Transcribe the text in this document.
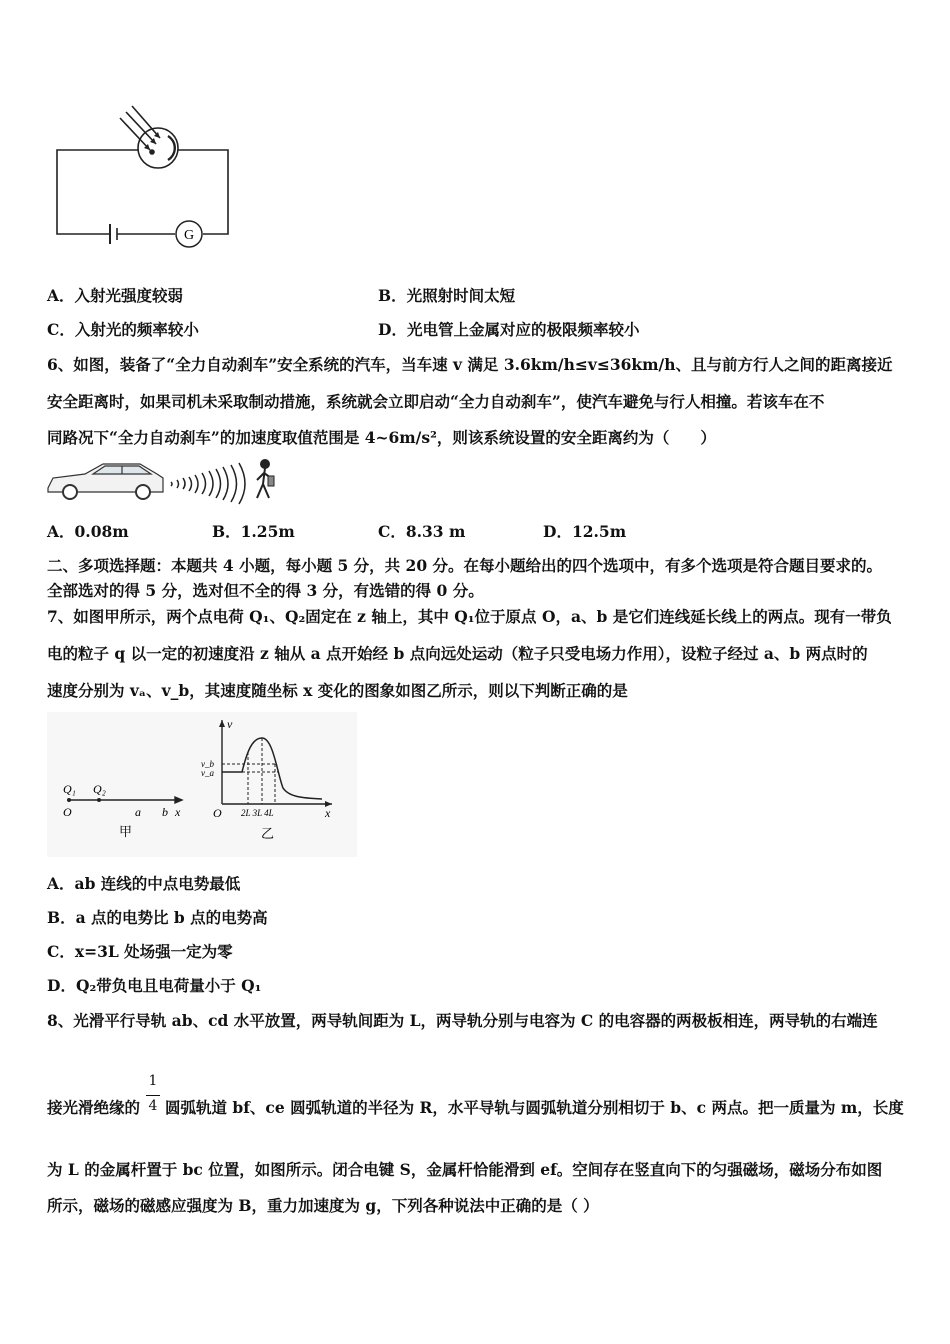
G
A．入射光强度较弱	B．光照射时间太短
C．入射光的频率较小	D．光电管上金属对应的极限频率较小
6、如图，装备了“全力自动刹车”安全系统的汽车，当车速 v 满足 3.6km/h≤v≤36km/h、且与前方行人之间的距离接近
安全距离时，如果司机未采取制动措施，系统就会立即启动“全力自动刹车”，使汽车避免与行人相撞。若该车在不
同路况下“全力自动刹车”的加速度取值范围是 4~6m/s²，则该系统设置的安全距离约为（　　）
A．0.08m	B．1.25m	C．8.33 m	D．12.5m
二、多项选择题：本题共 4 小题，每小题 5 分，共 20 分。在每小题给出的四个选项中，有多个选项是符合题目要求的。
全部选对的得 5 分，选对但不全的得 3 分，有选错的得 0 分。
7、如图甲所示，两个点电荷 Q₁、Q₂固定在 z 轴上，其中 Q₁位于原点 O，a、b 是它们连线延长线上的两点。现有一带负
电的粒子 q 以一定的初速度沿 z 轴从 a 点开始经 b 点向远处运动（粒子只受电场力作用），设粒子经过 a、b 两点时的
速度分别为 vₐ、v_b，其速度随坐标 x 变化的图象如图乙所示，则以下判断正确的是
Q₁ Q₂
O	a b x
甲
v
v_b
v_a
O 2L 3L 4L	x
乙
A．ab 连线的中点电势最低
B．a 点的电势比 b 点的电势高
C．x=3L 处场强一定为零
D．Q₂带负电且电荷量小于 Q₁
8、光滑平行导轨 ab、cd 水平放置，两导轨间距为 L，两导轨分别与电容为 C 的电容器的两极板相连，两导轨的右端连
1
4
接光滑绝缘的 圆弧轨道 bf、ce 圆弧轨道的半径为 R，水平导轨与圆弧轨道分别相切于 b、c 两点。把一质量为 m，长度
为 L 的金属杆置于 bc 位置，如图所示。闭合电键 S，金属杆恰能滑到 ef。空间存在竖直向下的匀强磁场，磁场分布如图
所示，磁场的磁感应强度为 B，重力加速度为 g，下列各种说法中正确的是（ ）
